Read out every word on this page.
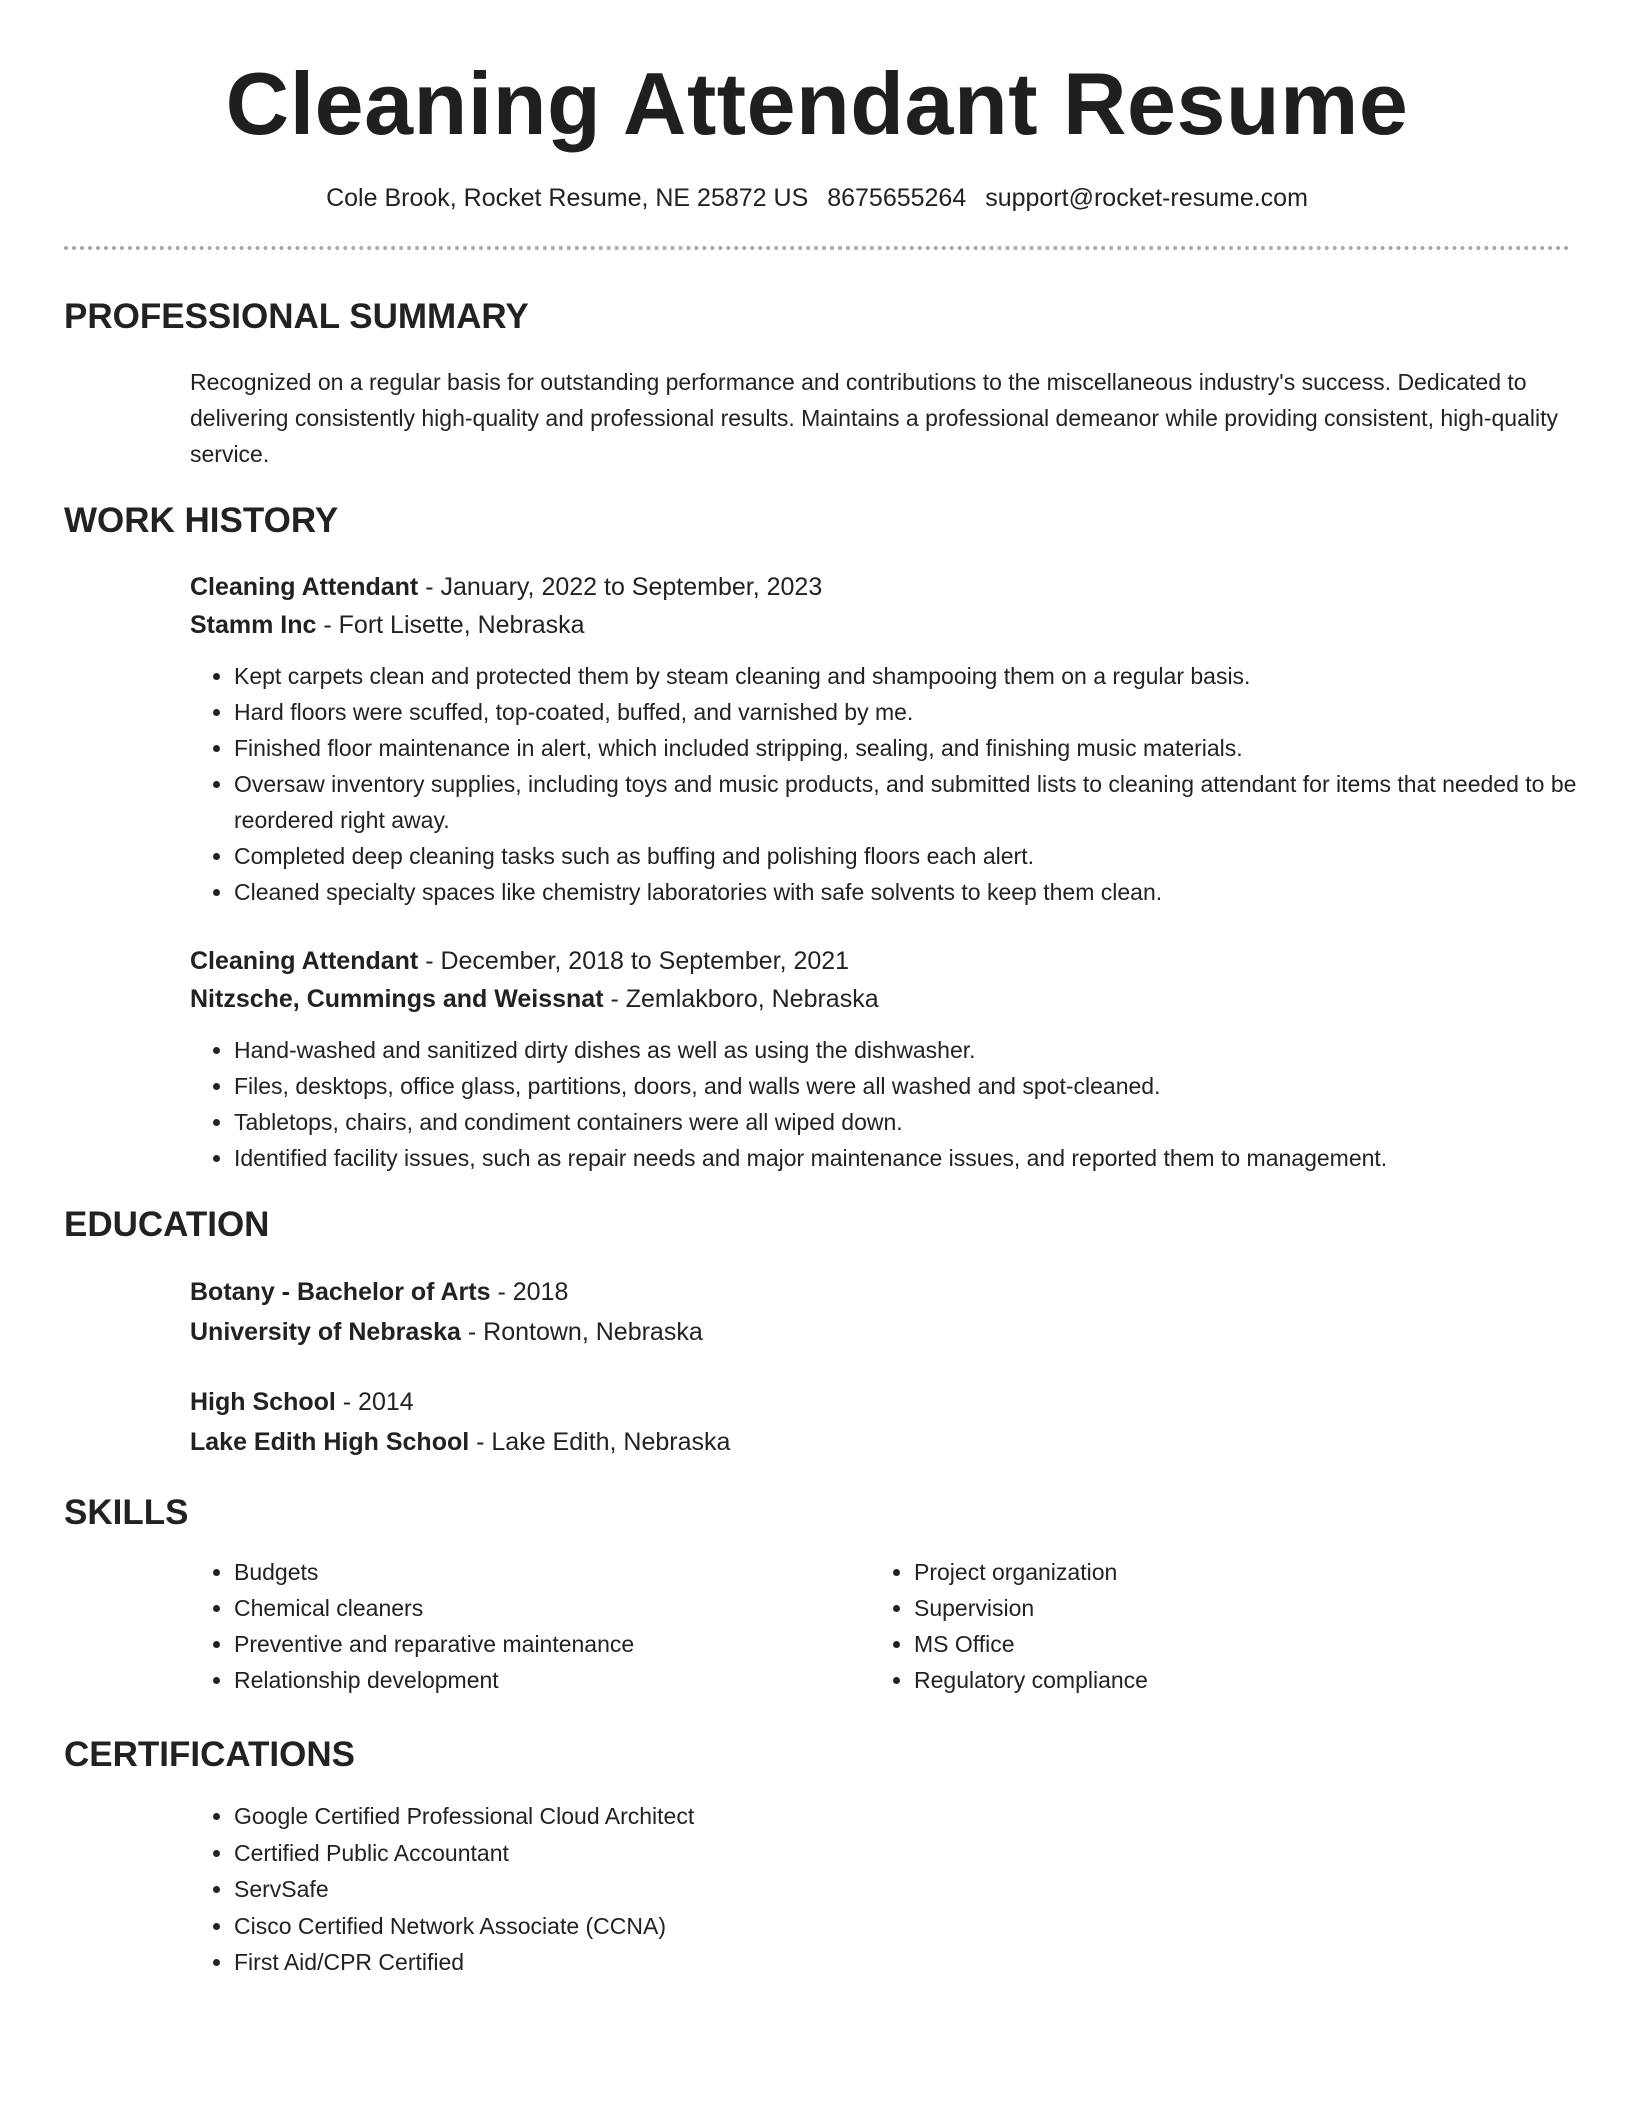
Cleaning Attendant Resume
Cole Brook, Rocket Resume, NE 25872 US 8675655264 support@rocket-resume.com
PROFESSIONAL SUMMARY

Recognized on a regular basis for outstanding performance and contributions to the miscellaneous industry's success. Dedicated to delivering consistently high-quality and professional results. Maintains a professional demeanor while providing consistent, high-quality service.

WORK HISTORY
Cleaning Attendant - January, 2022 to September, 2023
Stamm Inc - Fort Lisette, Nebraska
• Kept carpets clean and protected them by steam cleaning and shampooing them on a regular basis.
• Hard floors were scuffed, top-coated, buffed, and varnished by me.
• Finished floor maintenance in alert, which included stripping, sealing, and finishing music materials.
• Oversaw inventory supplies, including toys and music products, and submitted lists to cleaning attendant for items that needed to be reordered right away.
• Completed deep cleaning tasks such as buffing and polishing floors each alert.
• Cleaned specialty spaces like chemistry laboratories with safe solvents to keep them clean.
Cleaning Attendant - December, 2018 to September, 2021
Nitzsche, Cummings and Weissnat - Zemlakboro, Nebraska
• Hand-washed and sanitized dirty dishes as well as using the dishwasher.
• Files, desktops, office glass, partitions, doors, and walls were all washed and spot-cleaned.
• Tabletops, chairs, and condiment containers were all wiped down.
• Identified facility issues, such as repair needs and major maintenance issues, and reported them to management.
EDUCATION
Botany - Bachelor of Arts - 2018
University of Nebraska - Rontown, Nebraska
High School - 2014
Lake Edith High School - Lake Edith, Nebraska
SKILLS
• Budgets
• Chemical cleaners
• Preventive and reparative maintenance
• Relationship development
• Project organization
• Supervision
• MS Office
• Regulatory compliance
CERTIFICATIONS
• Google Certified Professional Cloud Architect
• Certified Public Accountant
• ServSafe
• Cisco Certified Network Associate (CCNA)
• First Aid/CPR Certified
